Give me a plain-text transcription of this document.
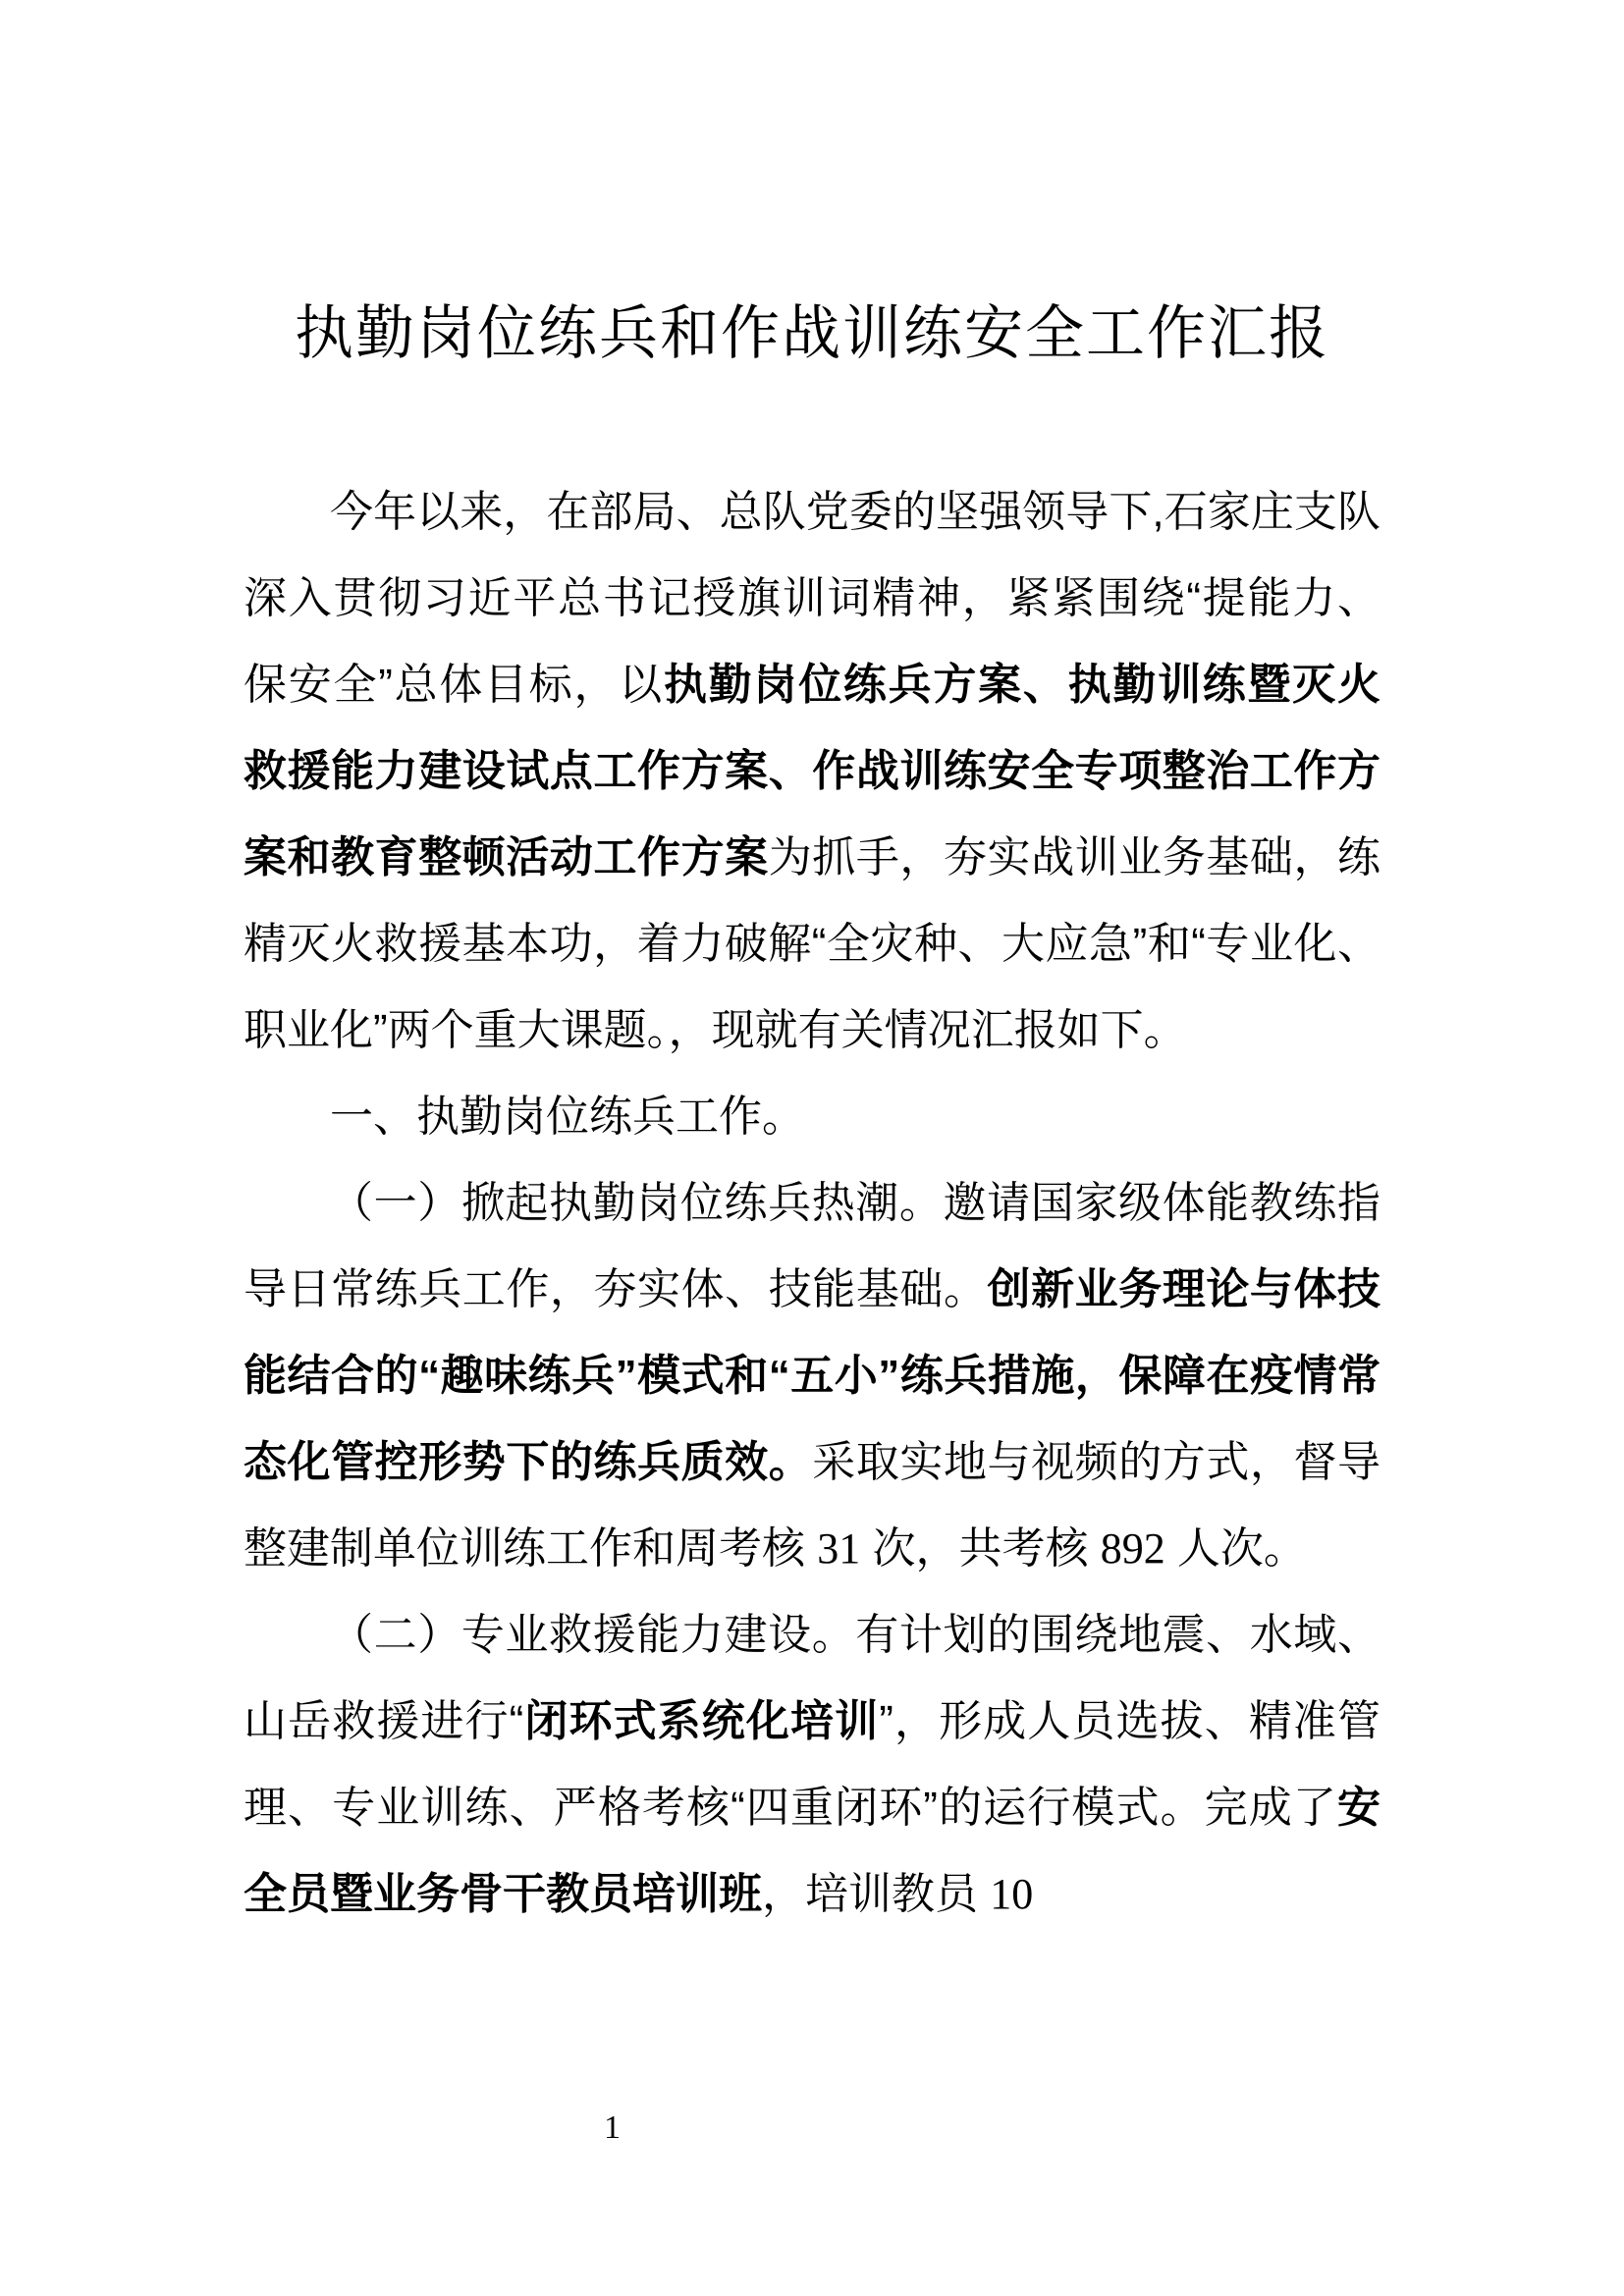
执勤岗位练兵和作战训练安全工作汇报

今年以来，在部局、总队党委的坚强领导下,石家庄支队深入贯彻习近平总书记授旗训词精神，紧紧围绕“提能力、保安全”总体目标，以执勤岗位练兵方案、执勤训练暨灭火救援能力建设试点工作方案、作战训练安全专项整治工作方案和教育整顿活动工作方案为抓手，夯实战训业务基础，练精灭火救援基本功，着力破解“全灾种、大应急”和“专业化、职业化”两个重大课题。，现就有关情况汇报如下。

一、执勤岗位练兵工作。

（一）掀起执勤岗位练兵热潮。邀请国家级体能教练指导日常练兵工作，夯实体、技能基础。创新业务理论与体技能结合的“趣味练兵”模式和“五小”练兵措施，保障在疫情常态化管控形势下的练兵质效。采取实地与视频的方式，督导整建制单位训练工作和周考核 31 次，共考核 892 人次。

（二）专业救援能力建设。有计划的围绕地震、水域、山岳救援进行“闭环式系统化培训”，形成人员选拔、精准管理、专业训练、严格考核“四重闭环”的运行模式。完成了安全员暨业务骨干教员培训班，培训教员 10

1
